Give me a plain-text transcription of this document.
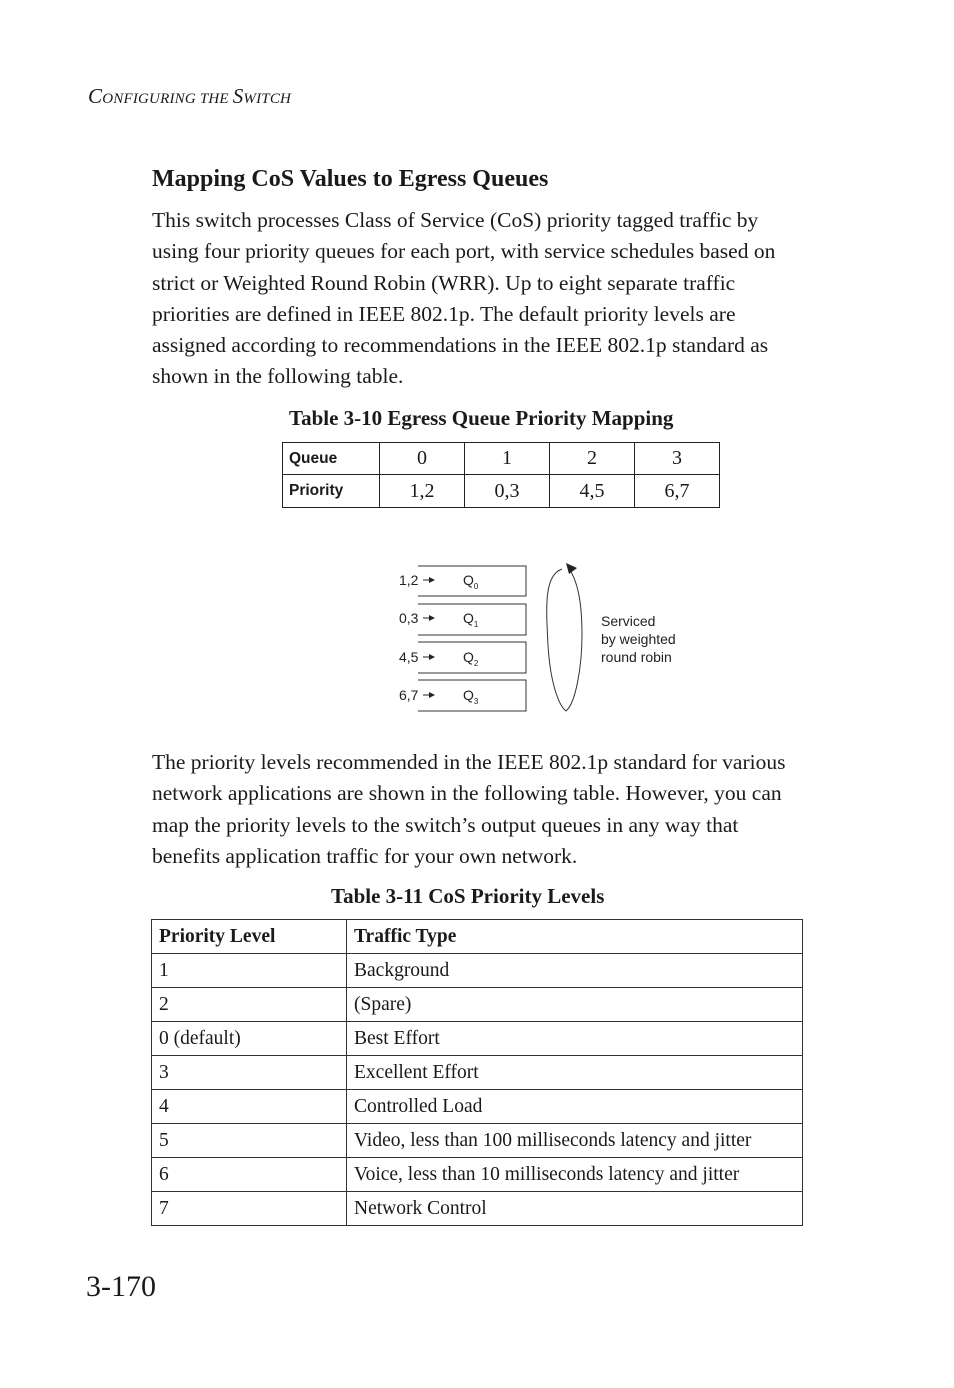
CONFIGURING THE SWITCH
Mapping CoS Values to Egress Queues

This switch processes Class of Service (CoS) priority tagged traffic by

using four priority queues for each port, with service schedules based on

strict or Weighted Round Robin (WRR). Up to eight separate traffic

priorities are defined in IEEE 802.1p. The default priority levels are

assigned according to recommendations in the IEEE 802.1p standard as

shown in the following table.

Table 3-10 Egress Queue Priority Mapping
Queue	0	1	2	3
Priority	1,2	0,3	4,5	6,7
1,2	$Q_0$
0,3	$Q_1$
4,5	$Q_2$
6,7	$Q_3$
Serviced
by weighted
round robin

The priority levels recommended in the IEEE 802.1p standard for various

network applications are shown in the following table. However, you can

map the priority levels to the switch’s output queues in any way that

benefits application traffic for your own network.

Table 3-11 CoS Priority Levels
Priority Level	Traffic Type
1	Background
2	(Spare)
0 (default)	Best Effort
3	Excellent Effort
4	Controlled Load
5	Video, less than 100 milliseconds latency and jitter
6	Voice, less than 10 milliseconds latency and jitter
7	Network Control
3-170
